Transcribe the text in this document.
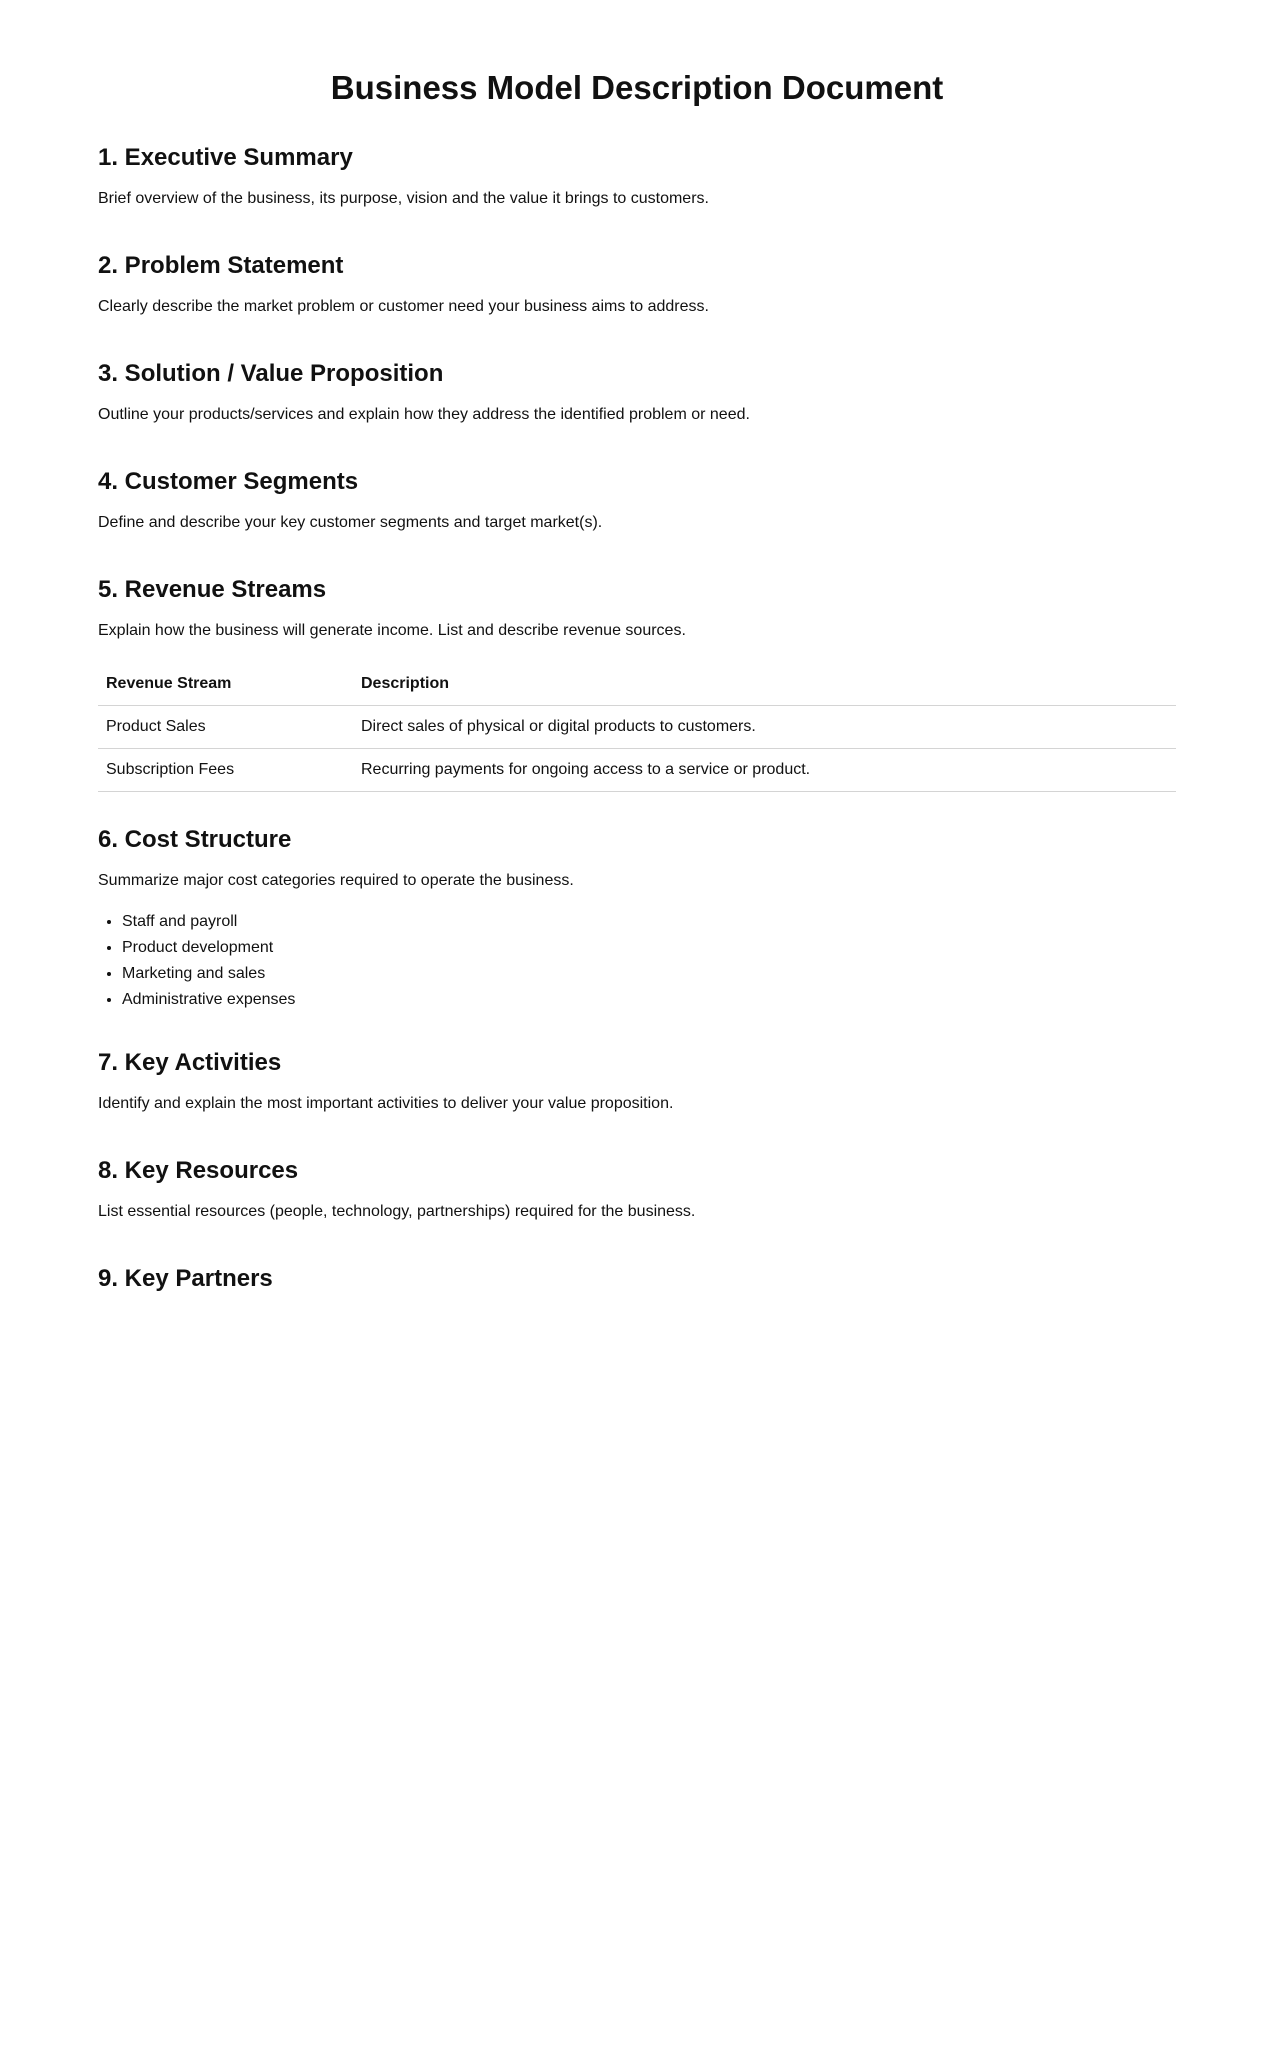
Business Model Description Document
1. Executive Summary

Brief overview of the business, its purpose, vision and the value it brings to customers.

2. Problem Statement

Clearly describe the market problem or customer need your business aims to address.

3. Solution / Value Proposition

Outline your products/services and explain how they address the identified problem or need.

4. Customer Segments

Define and describe your key customer segments and target market(s).

5. Revenue Streams

Explain how the business will generate income. List and describe revenue sources.

Revenue Stream	Description
Product Sales	Direct sales of physical or digital products to customers.
Subscription Fees	Recurring payments for ongoing access to a service or product.
6. Cost Structure

Summarize major cost categories required to operate the business.

• Staff and payroll
• Product development
• Marketing and sales
• Administrative expenses
7. Key Activities

Identify and explain the most important activities to deliver your value proposition.

8. Key Resources

List essential resources (people, technology, partnerships) required for the business.

9. Key Partners
